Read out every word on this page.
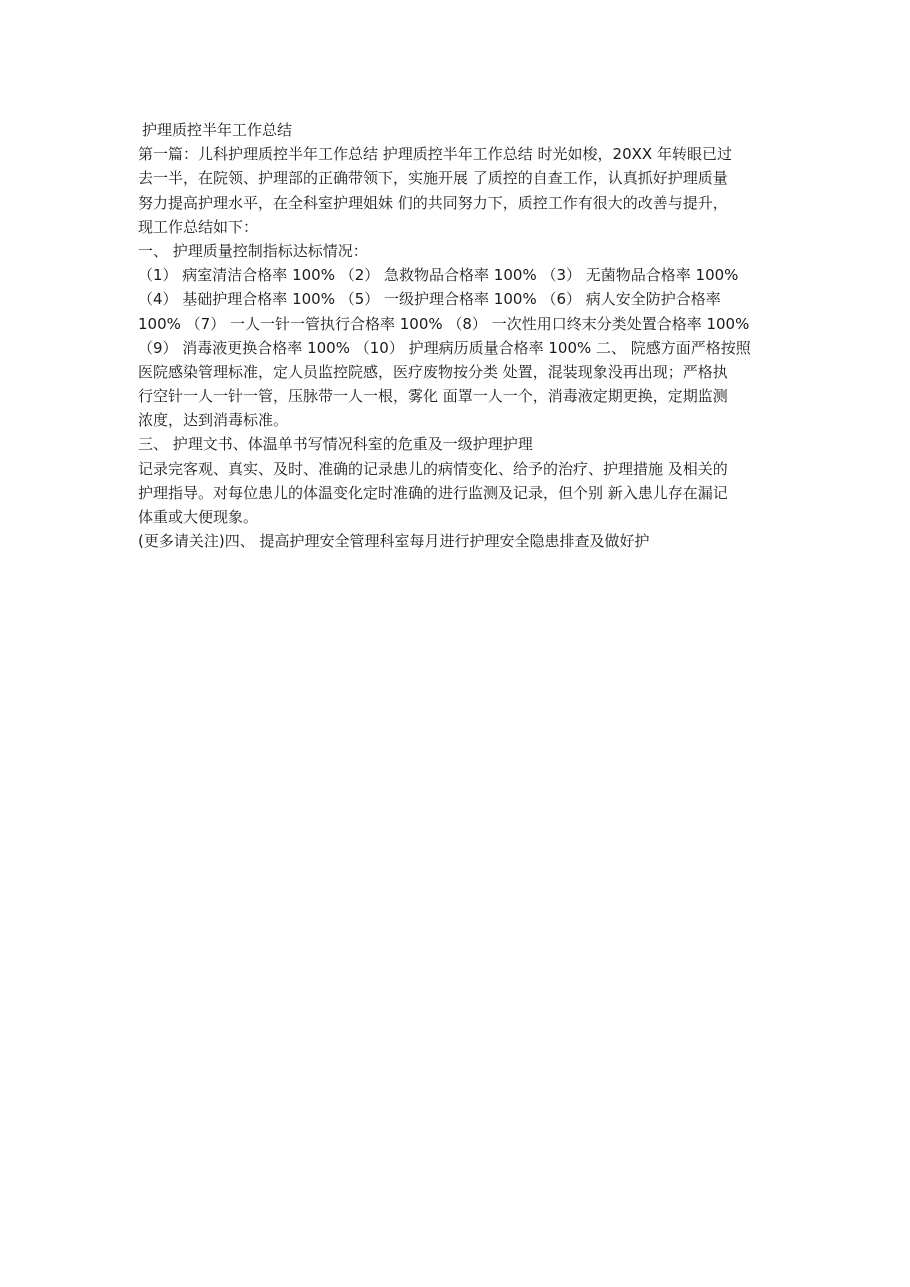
护理质控半年工作总结
第一篇：儿科护理质控半年工作总结 护理质控半年工作总结 时光如梭，20XX 年转眼已过
去一半，在院领、护理部的正确带领下，实施开展 了质控的自查工作，认真抓好护理质量
努力提高护理水平，在全科室护理姐妹 们的共同努力下，质控工作有很大的改善与提升，
现工作总结如下：
一、 护理质量控制指标达标情况：
（1） 病室清洁合格率 100% （2） 急救物品合格率 100% （3） 无菌物品合格率 100%
（4） 基础护理合格率 100% （5） 一级护理合格率 100% （6） 病人安全防护合格率
100% （7） 一人一针一管执行合格率 100% （8） 一次性用口终末分类处置合格率 100%
（9） 消毒液更换合格率 100% （10） 护理病历质量合格率 100% 二、 院感方面严格按照
医院感染管理标准，定人员监控院感，医疗废物按分类 处置，混装现象没再出现；严格执
行空针一人一针一管，压脉带一人一根，雾化 面罩一人一个，消毒液定期更换，定期监测
浓度，达到消毒标准。
三、 护理文书、体温单书写情况科室的危重及一级护理护理
记录完客观、真实、及时、准确的记录患儿的病情变化、给予的治疗、护理措施 及相关的
护理指导。对每位患儿的体温变化定时准确的进行监测及记录，但个别 新入患儿存在漏记
体重或大便现象。
(更多请关注)四、 提高护理安全管理科室每月进行护理安全隐患排查及做好护
